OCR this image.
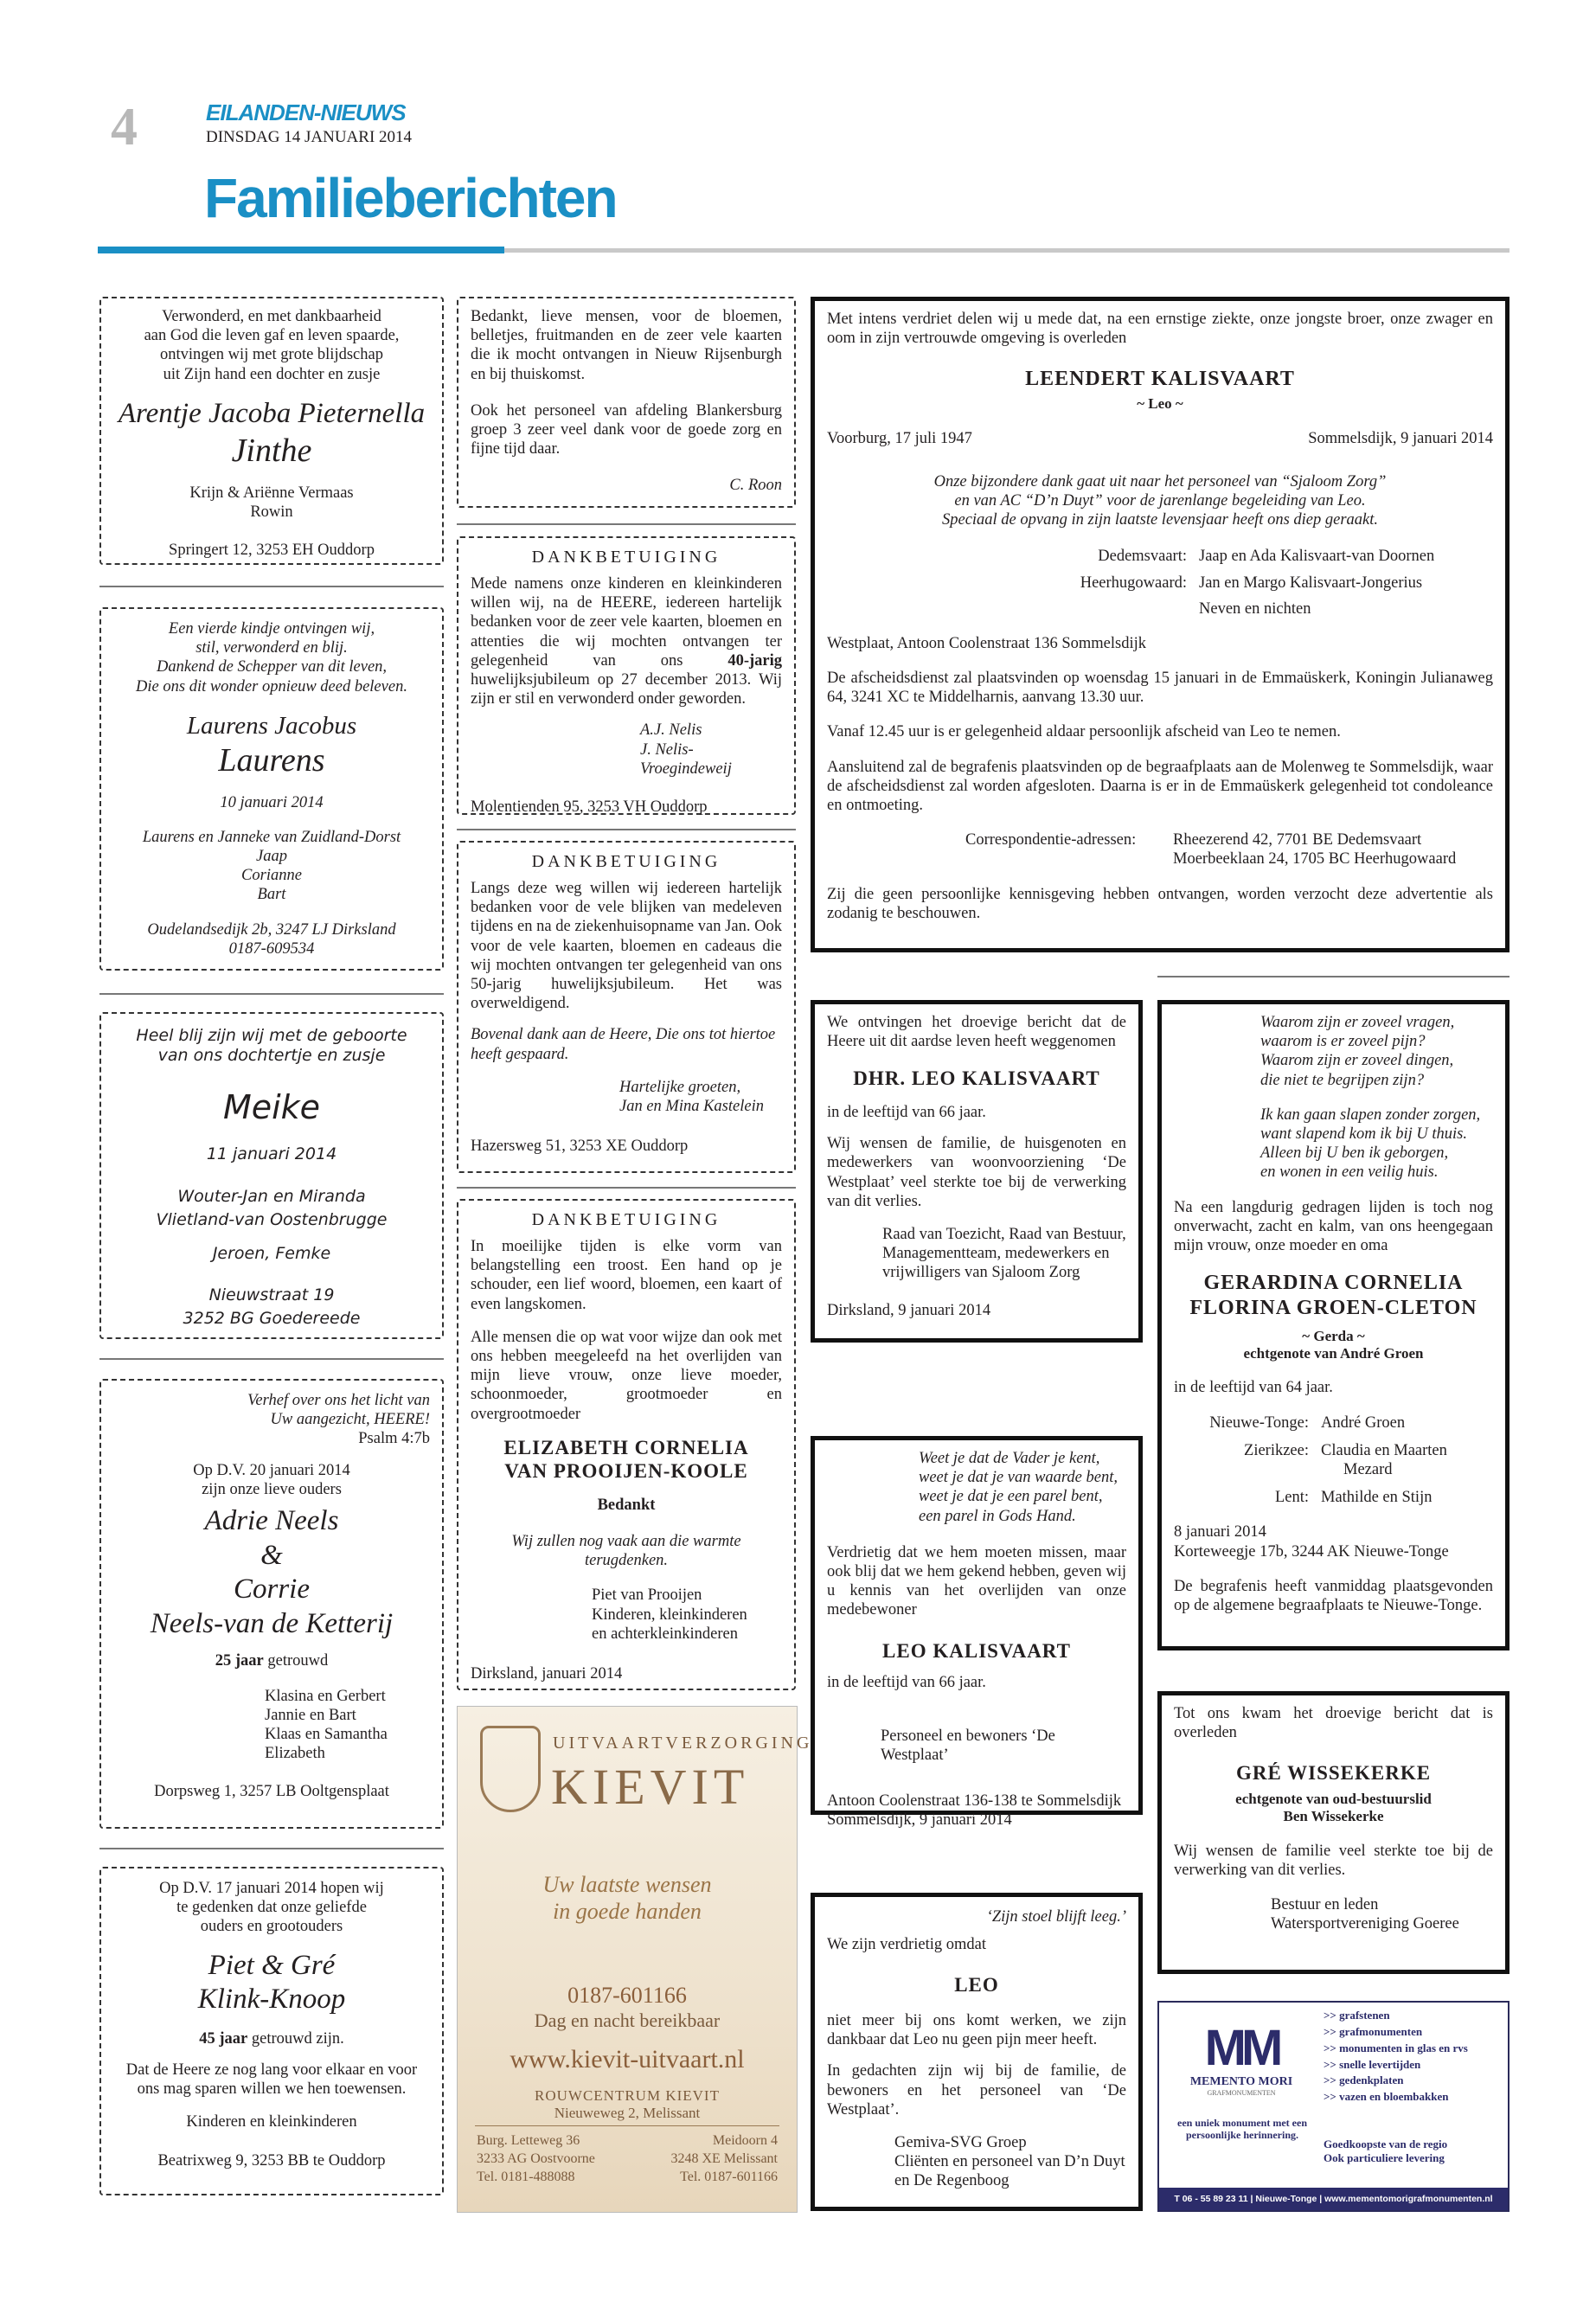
4	EILANDEN-NIEUWS
DINSDAG 14 JANUARI 2014
Familieberichten
Verwonderd, en met dankbaarheid
aan God die leven gaf en leven spaarde,
ontvingen wij met grote blijdschap
uit Zijn hand een dochter en zusje
Arentje Jacoba Pieternella
Jinthe
Krijn & Ariënne Vermaas
Rowin
Springert 12, 3253 EH Ouddorp
Een vierde kindje ontvingen wij,
stil, verwonderd en blij.
Dankend de Schepper van dit leven,
Die ons dit wonder opnieuw deed beleven.
Laurens Jacobus
Laurens
10 januari 2014
Laurens en Janneke van Zuidland-Dorst
Jaap
Corianne
Bart
Oudelandsedijk 2b, 3247 LJ Dirksland
0187-609534
Heel blij zijn wij met de geboorte
van ons dochtertje en zusje
Meike
11 januari 2014
Wouter-Jan en Miranda
Vlietland-van Oostenbrugge
Jeroen, Femke
Nieuwstraat 19
3252 BG Goedereede
Verhef over ons het licht van
Uw aangezicht, HEERE!
Psalm 4:7b
Op D.V. 20 januari 2014
zijn onze lieve ouders
Adrie Neels
&
Corrie
Neels-van de Ketterij
25 jaar getrouwd
Klasina en Gerbert
Jannie en Bart
Klaas en Samantha
Elizabeth
Dorpsweg 1, 3257 LB Ooltgensplaat
Op D.V. 17 januari 2014 hopen wij
te gedenken dat onze geliefde
ouders en grootouders
Piet & Gré
Klink-Knoop
45 jaar getrouwd zijn.
Dat de Heere ze nog lang voor elkaar en voor ons mag sparen willen we hen toewensen.
Kinderen en kleinkinderen
Beatrixweg 9, 3253 BB te Ouddorp
Bedankt, lieve mensen, voor de bloemen, belletjes, fruitmanden en de zeer vele kaarten die ik mocht ontvangen in Nieuw Rijsenburgh en bij thuiskomst.
Ook het personeel van afdeling Blankersburg groep 3 zeer veel dank voor de goede zorg en fijne tijd daar.
C. Roon
DANKBETUIGING
Mede namens onze kinderen en kleinkinderen willen wij, na de HEERE, iedereen hartelijk bedanken voor de zeer vele kaarten, bloemen en attenties die wij mochten ontvangen ter gelegenheid van ons 40-jarig huwelijksjubileum op 27 december 2013. Wij zijn er stil en verwonderd onder geworden.
A.J. Nelis
J. Nelis-Vroegindeweij
Molentienden 95, 3253 VH Ouddorp
DANKBETUIGING
Langs deze weg willen wij iedereen hartelijk bedanken voor de vele blijken van medeleven tijdens en na de ziekenhuisopname van Jan. Ook voor de vele kaarten, bloemen en cadeaus die wij mochten ontvangen ter gelegenheid van ons 50-jarig huwelijksjubileum. Het was overweldigend.
Bovenal dank aan de Heere, Die ons tot hiertoe heeft gespaard.
Hartelijke groeten,
Jan en Mina Kastelein
Hazersweg 51, 3253 XE Ouddorp
DANKBETUIGING
In moeilijke tijden is elke vorm van belangstelling een troost. Een hand op je schouder, een lief woord, bloemen, een kaart of even langskomen.
Alle mensen die op wat voor wijze dan ook met ons hebben meegeleefd na het overlijden van mijn lieve vrouw, onze lieve moeder, schoonmoeder, grootmoeder en overgrootmoeder
ELIZABETH CORNELIA
VAN PROOIJEN-KOOLE
Bedankt
Wij zullen nog vaak aan die warmte terugdenken.
Piet van Prooijen
Kinderen, kleinkinderen
en achterkleinkinderen
Dirksland, januari 2014
UITVAARTVERZORGING
KIEVIT
Uw laatste wensen
in goede handen
0187-601166
Dag en nacht bereikbaar
www.kievit-uitvaart.nl
ROUWCENTRUM KIEVIT
Nieuweweg 2, Melissant
Burg. Letteweg 36
3233 AG Oostvoorne
Tel. 0181-488088
Meidoorn 4
3248 XE Melissant
Tel. 0187-601166
Met intens verdriet delen wij u mede dat, na een ernstige ziekte, onze jongste broer, onze zwager en oom in zijn vertrouwde omgeving is overleden
LEENDERT KALISVAART
~ Leo ~
Voorburg, 17 juli 1947	Sommelsdijk, 9 januari 2014
Onze bijzondere dank gaat uit naar het personeel van “Sjaloom Zorg”
en van AC “D’n Duyt” voor de jarenlange begeleiding van Leo.
Speciaal de opvang in zijn laatste levensjaar heeft ons diep geraakt.
Dedemsvaart: Jaap en Ada Kalisvaart-van Doornen
Heerhugowaard: Jan en Margo Kalisvaart-Jongerius
Neven en nichten
Westplaat, Antoon Coolenstraat 136 Sommelsdijk
De afscheidsdienst zal plaatsvinden op woensdag 15 januari in de Emmaüskerk, Koningin Julianaweg 64, 3241 XC te Middelharnis, aanvang 13.30 uur.
Vanaf 12.45 uur is er gelegenheid aldaar persoonlijk afscheid van Leo te nemen.
Aansluitend zal de begrafenis plaatsvinden op de begraafplaats aan de Molenweg te Sommelsdijk, waar de afscheidsdienst zal worden afgesloten. Daarna is er in de Emmaüskerk gelegenheid tot condoleance en ontmoeting.
Correspondentie-adressen:	Rheezerend 42, 7701 BE Dedemsvaart
Moerbeeklaan 24, 1705 BC Heerhugowaard
Zij die geen persoonlijke kennisgeving hebben ontvangen, worden verzocht deze advertentie als zodanig te beschouwen.
We ontvingen het droevige bericht dat de Heere uit dit aardse leven heeft weggenomen
DHR. LEO KALISVAART
in de leeftijd van 66 jaar.
Wij wensen de familie, de huisgenoten en medewerkers van woonvoorziening ‘De Westplaat’ veel sterkte toe bij de verwerking van dit verlies.
Raad van Toezicht, Raad van Bestuur,
Managementteam, medewerkers en
vrijwilligers van Sjaloom Zorg
Dirksland, 9 januari 2014
Weet je dat de Vader je kent,
weet je dat je van waarde bent,
weet je dat je een parel bent,
een parel in Gods Hand.
Verdrietig dat we hem moeten missen, maar ook blij dat we hem gekend hebben, geven wij u kennis van het overlijden van onze medebewoner
LEO KALISVAART
in de leeftijd van 66 jaar.
Personeel en bewoners ‘De Westplaat’
Antoon Coolenstraat 136-138 te Sommelsdijk
Sommelsdijk, 9 januari 2014
‘Zijn stoel blijft leeg.’
We zijn verdrietig omdat
LEO
niet meer bij ons komt werken, we zijn dankbaar dat Leo nu geen pijn meer heeft.
In gedachten zijn wij bij de familie, de bewoners en het personeel van ‘De Westplaat’.
Gemiva-SVG Groep
Cliënten en personeel van D’n Duyt
en De Regenboog
Waarom zijn er zoveel vragen,
waarom is er zoveel pijn?
Waarom zijn er zoveel dingen,
die niet te begrijpen zijn?
Ik kan gaan slapen zonder zorgen,
want slapend kom ik bij U thuis.
Alleen bij U ben ik geborgen,
en wonen in een veilig huis.
Na een langdurig gedragen lijden is toch nog onverwacht, zacht en kalm, van ons heengegaan mijn vrouw, onze moeder en oma
GERARDINA CORNELIA
FLORINA GROEN-CLETON
~ Gerda ~
echtgenote van André Groen
in de leeftijd van 64 jaar.
Nieuwe-Tonge: André Groen
Zierikzee: Claudia en Maarten
Mezard
Lent: Mathilde en Stijn
8 januari 2014
Korteweegje 17b, 3244 AK Nieuwe-Tonge
De begrafenis heeft vanmiddag plaatsgevonden op de algemene begraafplaats te Nieuwe-Tonge.
Tot ons kwam het droevige bericht dat is overleden
GRÉ WISSEKERKE
echtgenote van oud-bestuurslid
Ben Wissekerke
Wij wensen de familie veel sterkte toe bij de verwerking van dit verlies.
Bestuur en leden
Watersportvereniging Goeree
MM
MEMENTO MORI
GRAFMONUMENTEN
een uniek monument met een
persoonlijke herinnering.
>> grafstenen
>> grafmonumenten
>> monumenten in glas en rvs
>> snelle levertijden
>> gedenkplaten
>> vazen en bloembakken
Goedkoopste van de regio
Ook particuliere levering
T 06 - 55 89 23 11 | Nieuwe-Tonge | www.mementomorigrafmonumenten.nl
